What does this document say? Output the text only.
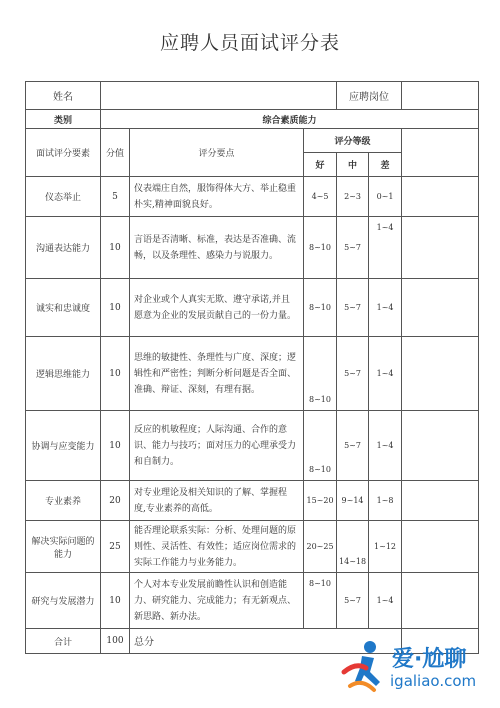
应聘人员面试评分表
姓名				应聘岗位		
类别	综合素质能力					
面试评分要素	分值	评分要点	评分等级			
			好	中	差	
仪态举止	5	仪表端庄自然，服饰得体大方、举止稳重朴实,精神面貌良好。	4~5	2~3	0~1	
沟通表达能力	10	言语是否清晰、标准，表达是否准确、流畅，以及条理性、感染力与说服力。	8~10	5~7	1~4	
诚实和忠诚度	10	对企业或个人真实无欺、遵守承诺,并且愿意为企业的发展贡献自己的一份力量。	8~10	5~7	1~4	
逻辑思维能力	10	思维的敏捷性、条理性与广度、深度；逻辑性和严密性；判断分析问题是否全面、准确、辩证、深刻，有理有据。	8~10	5~7	1~4	
协调与应变能力	10	反应的机敏程度；人际沟通、合作的意识、能力与技巧；面对压力的心理承受力和自制力。	8~10	5~7	1~4	
专业素养	20	对专业理论及相关知识的了解、掌握程度,专业素养的高低。	15~20	9~14	1~8	
解决实际问题的能力	25	能否理论联系实际：分析、处理问题的原则性、灵活性、有效性；适应岗位需求的实际工作能力与业务能力。	20~25	14~18	1~12	
研究与发展潜力	10	个人对本专业发展前瞻性认识和创造能力、研究能力、完成能力；有无新观点、新思路、新办法。	8~10	5~7	1~4	
合计	100	总分				
爱·尬聊
igaliao.com
